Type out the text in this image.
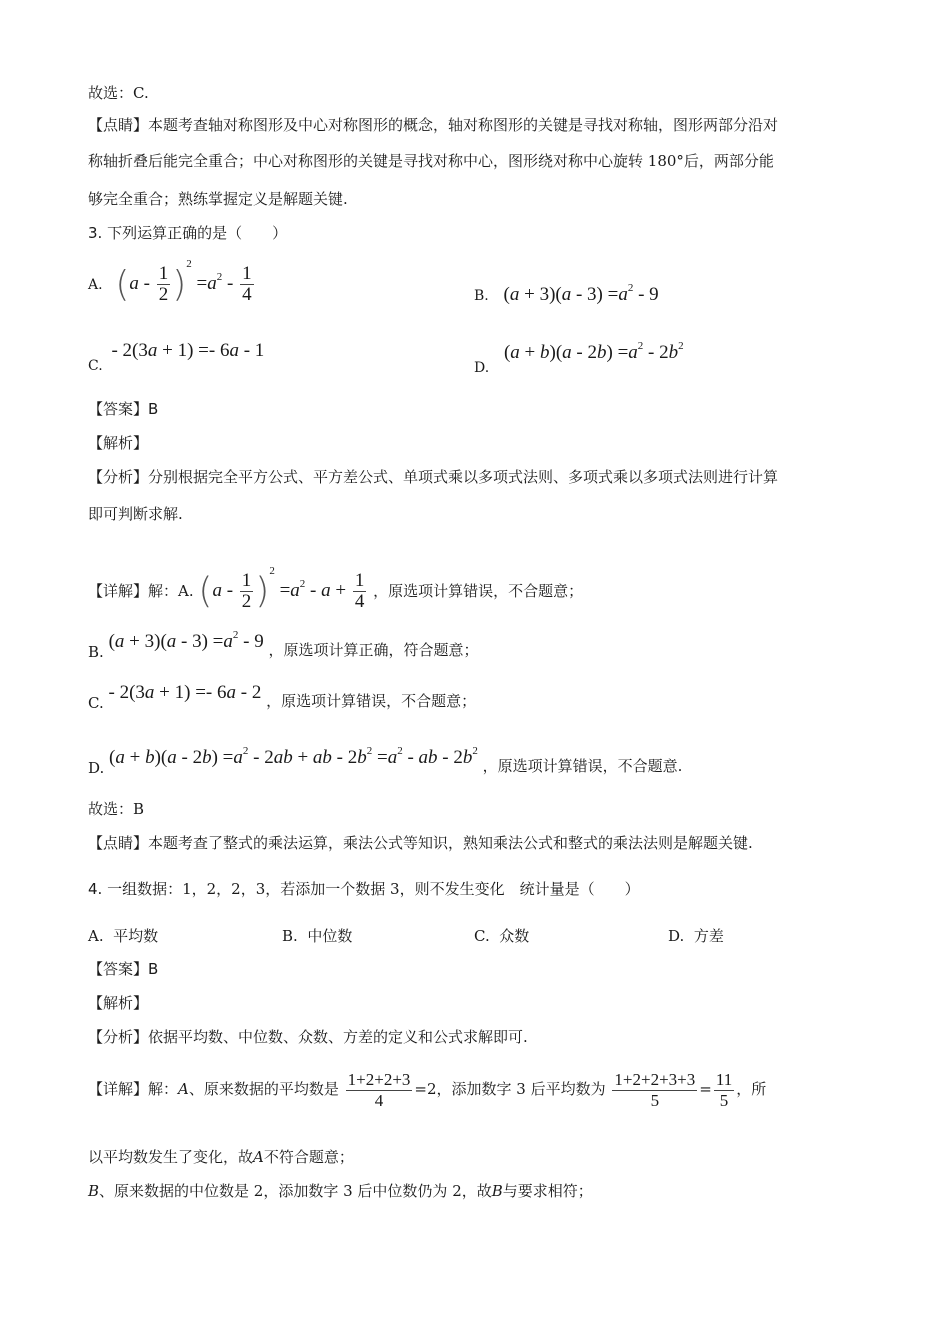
故选：C.
【点睛】本题考查轴对称图形及中心对称图形的概念，轴对称图形的关键是寻找对称轴，图形两部分沿对
称轴折叠后能完全重合；中心对称图形的关键是寻找对称中心，图形绕对称中心旋转 180°后，两部分能
够完全重合；熟练掌握定义是解题关键.
3. 下列运算正确的是（　　）
A. $(a - \frac{1}{2} )^2 =a^2 - \frac{1}{4}$	B. $(a + 3)(a - 3) =a^2 - 9$
C. - 2(3a + 1) =- 6a - 1
D. $(a + b)(a - 2b) =a^2 - 2b^2$
【答案】B
【解析】
【分析】分别根据完全平方公式、平方差公式、单项式乘以多项式法则、多项式乘以多项式法则进行计算
即可判断求解.
【详解】解：A. $(a - \frac{1}{2} )^2 =a^2 - a + \frac{1}{4}$ ，原选项计算错误，不合题意；
B. $(a + 3)(a - 3) =a^2 - 9$ ，原选项计算正确，符合题意；
C. - 2(3a + 1) =- 6a - 2 ，原选项计算错误，不合题意；
D. $(a + b)(a - 2b) =a^2 - 2ab$ + ab - $2b^2 =a^2$ - ab - $2b^2$ ，原选项计算错误，不合题意.
故选：B
【点睛】本题考查了整式的乘法运算，乘法公式等知识，熟知乘法公式和整式的乘法法则是解题关键.
4. 一组数据：1，2，2，3，若添加一个数据 3，则不发生变化　统计量是（　　）
A. 平均数	B. 中位数	C. 众数	D. 方差
【答案】B
【解析】
【分析】依据平均数、中位数、众数、方差的定义和公式求解即可.
【详解】解：A、原来数据的平均数是 $\frac{1+2+2+3}{4} =2$，添加数字 3 后平均数为 $\frac{1+2+2+3+3}{5} = \frac{11}{5}$ ，所
以平均数发生了变化，故A不符合题意；
B、原来数据的中位数是 2，添加数字 3 后中位数仍为 2，故B与要求相符；
